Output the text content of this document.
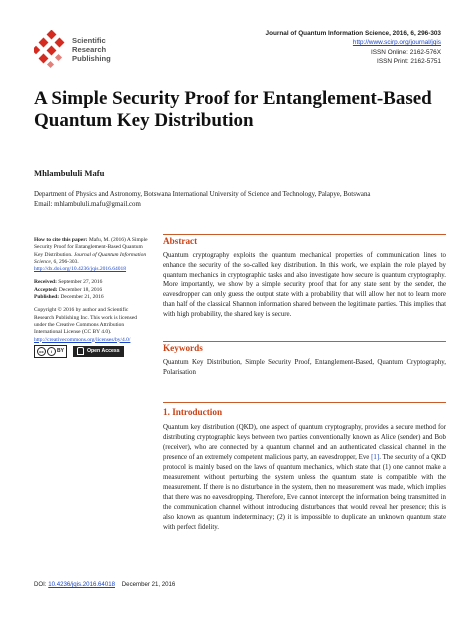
Scientific
Research
Publishing
Journal of Quantum Information Science, 2016, 6, 296-303
http://www.scirp.org/journal/jqis
ISSN Online: 2162-576X
ISSN Print: 2162-5751
A Simple Security Proof for Entanglement-Based Quantum Key Distribution
Mhlambululi Mafu
Department of Physics and Astronomy, Botswana International University of Science and Technology, Palapye, Botswana
Email: mhlambululi.mafu@gmail.com

How to cite this paper: Mafu, M. (2016) A Simple Security Proof for Entanglement-Based Quantum Key Distribution. Journal of Quantum Information Science, 6, 296-303.
http://dx.doi.org/10.4236/jqis.2016.64018

Received: September 27, 2016
Accepted: December 18, 2016
Published: December 21, 2016

Copyright © 2016 by author and Scientific Research Publishing Inc. This work is licensed under the Creative Commons Attribution International License (CC BY 4.0).
http://creativecommons.org/licenses/by/4.0/

cc	i BY	Open Access

Abstract
Quantum cryptography exploits the quantum mechanical properties of communication lines to enhance the security of the so-called key distribution. In this work, we explain the role played by quantum mechanics in cryptographic tasks and also investigate how secure is quantum cryptography. More importantly, we show by a simple security proof that for any state sent by the sender, the eavesdropper can only guess the output state with a probability that will allow her not to learn more than half of the classical Shannon information shared between the legitimate parties. This implies that with high probability, the shared key is secure.
Keywords
Quantum Key Distribution, Simple Security Proof, Entanglement-Based, Quantum Cryptography, Polarisation
1. Introduction
Quantum key distribution (QKD), one aspect of quantum cryptography, provides a secure method for distributing cryptographic keys between two parties conventionally known as Alice (sender) and Bob (receiver), who are connected by a quantum channel and an authenticated classical channel in the presence of an extremely competent malicious party, an eavesdropper, Eve [1]. The security of a QKD protocol is mainly based on the laws of quantum mechanics, which state that (1) one cannot make a measurement without perturbing the system unless the quantum state is compatible with the measurement. If there is no disturbance in the system, then no measurement was made, which implies that there was no eavesdropping. Therefore, Eve cannot intercept the information being transmitted in the communication channel without introducing disturbances that would reveal her presence; this is also known as quantum indeterminacy; (2) it is impossible to duplicate an unknown quantum state with perfect fidelity.
DOI: 10.4236/jqis.2016.64018 December 21, 2016
